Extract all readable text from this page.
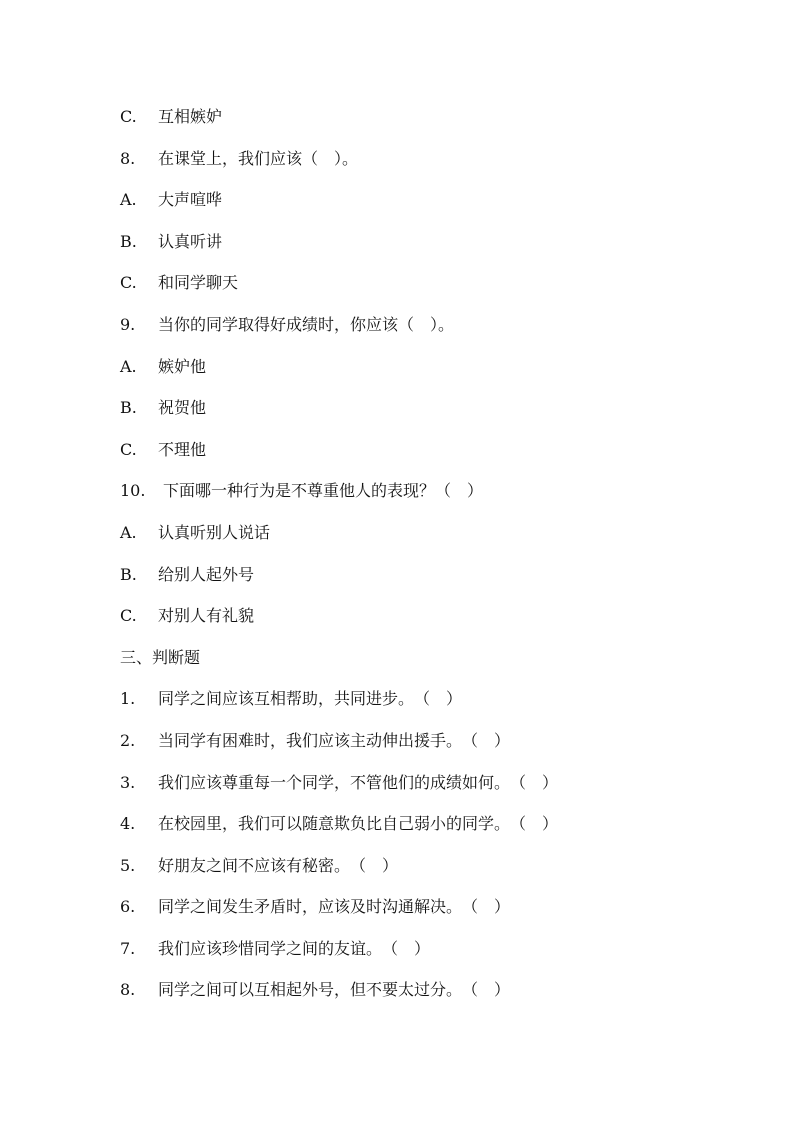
C.	互相嫉妒
8.	在课堂上，我们应该（　）。
A.	大声喧哗
B.	认真听讲
C.	和同学聊天
9.	当你的同学取得好成绩时，你应该（　）。
A.	嫉妒他
B.	祝贺他
C.	不理他
10.	下面哪一种行为是不尊重他人的表现？（　）
A.	认真听别人说话
B.	给别人起外号
C.	对别人有礼貌
三、判断题
1.	同学之间应该互相帮助，共同进步。　（　）
2.	当同学有困难时，我们应该主动伸出援手。　（　）
3.	我们应该尊重每一个同学，不管他们的成绩如何。　（　）
4.	在校园里，我们可以随意欺负比自己弱小的同学。　（　）
5.	好朋友之间不应该有秘密。　（　）
6.	同学之间发生矛盾时，应该及时沟通解决。　（　）
7.	我们应该珍惜同学之间的友谊。　（　）
8.	同学之间可以互相起外号，但不要太过分。　（　）
